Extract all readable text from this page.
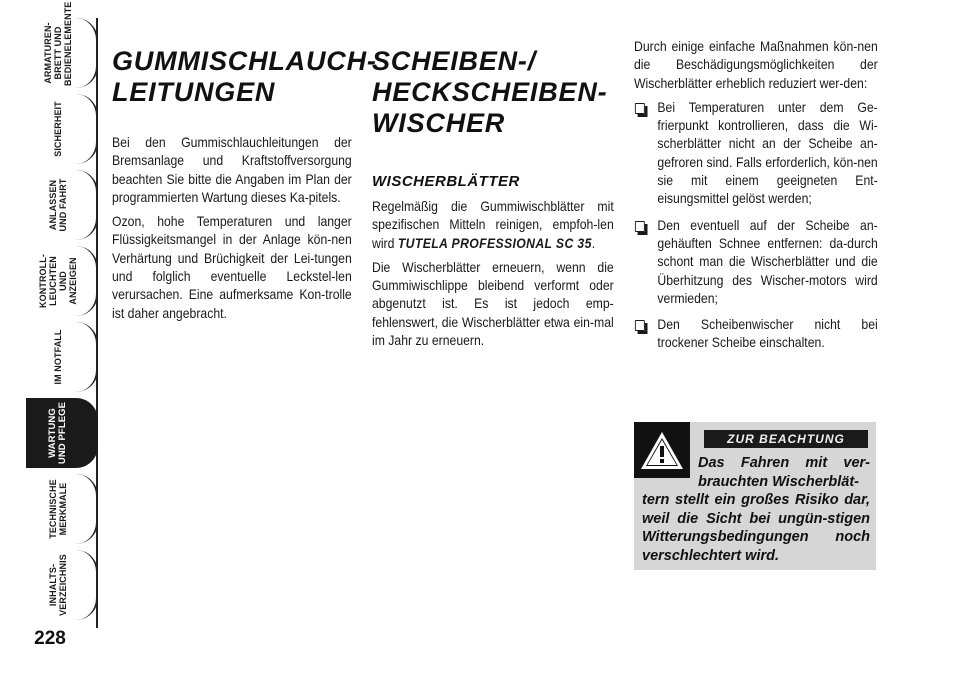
ARMATUREN-
BRETT UND
BEDIENELEMENTE
SICHERHEIT
ANLASSEN
UND FAHRT
KONTROLL-
LEUCHTEN
UND ANZEIGEN
IM NOTFALL
WARTUNG
UND PFLEGE
TECHNISCHE
MERKMALE
INHALTS-
VERZEICHNIS
228
GUMMISCHLAUCH-
LEITUNGEN

Bei den Gummischlauchleitungen der Bremsanlage und Kraftstoffversorgung beachten Sie bitte die Angaben im Plan der programmierten Wartung dieses Ka-pitels.

Ozon, hohe Temperaturen und langer Flüssigkeitsmangel in der Anlage kön-nen Verhärtung und Brüchigkeit der Lei-tungen und folglich eventuelle Leckstel-len verursachen. Eine aufmerksame Kon-trolle ist daher angebracht.

SCHEIBEN-/
HECKSCHEIBEN-
WISCHER
WISCHERBLÄTTER

Regelmäßig die Gummiwischblätter mit spezifischen Mitteln reinigen, empfoh-len wird TUTELA PROFESSIONAL SC 35.

Die Wischerblätter erneuern, wenn die Gummiwischlippe bleibend verformt oder abgenutzt ist. Es ist jedoch emp-fehlenswert, die Wischerblätter etwa ein-mal im Jahr zu erneuern.

Durch einige einfache Maßnahmen kön-nen die Beschädigungsmöglichkeiten der Wischerblätter erheblich reduziert wer-den:

Bei Temperaturen unter dem Ge-frierpunkt kontrollieren, dass die Wi-scherblätter nicht an der Scheibe an-gefroren sind. Falls erforderlich, kön-nen sie mit einem geeigneten Ent-eisungsmittel gelöst werden;
Den eventuell auf der Scheibe an-gehäuften Schnee entfernen: da-durch schont man die Wischerblätter und die Überhitzung des Wischer-motors wird vermieden;
Den Scheibenwischer nicht bei trockener Scheibe einschalten.
ZUR BEACHTUNG
Das Fahren mit ver-brauchten Wischerblät-
tern stellt ein großes Risiko dar, weil die Sicht bei ungün-stigen Witterungsbedingungen noch verschlechtert wird.
